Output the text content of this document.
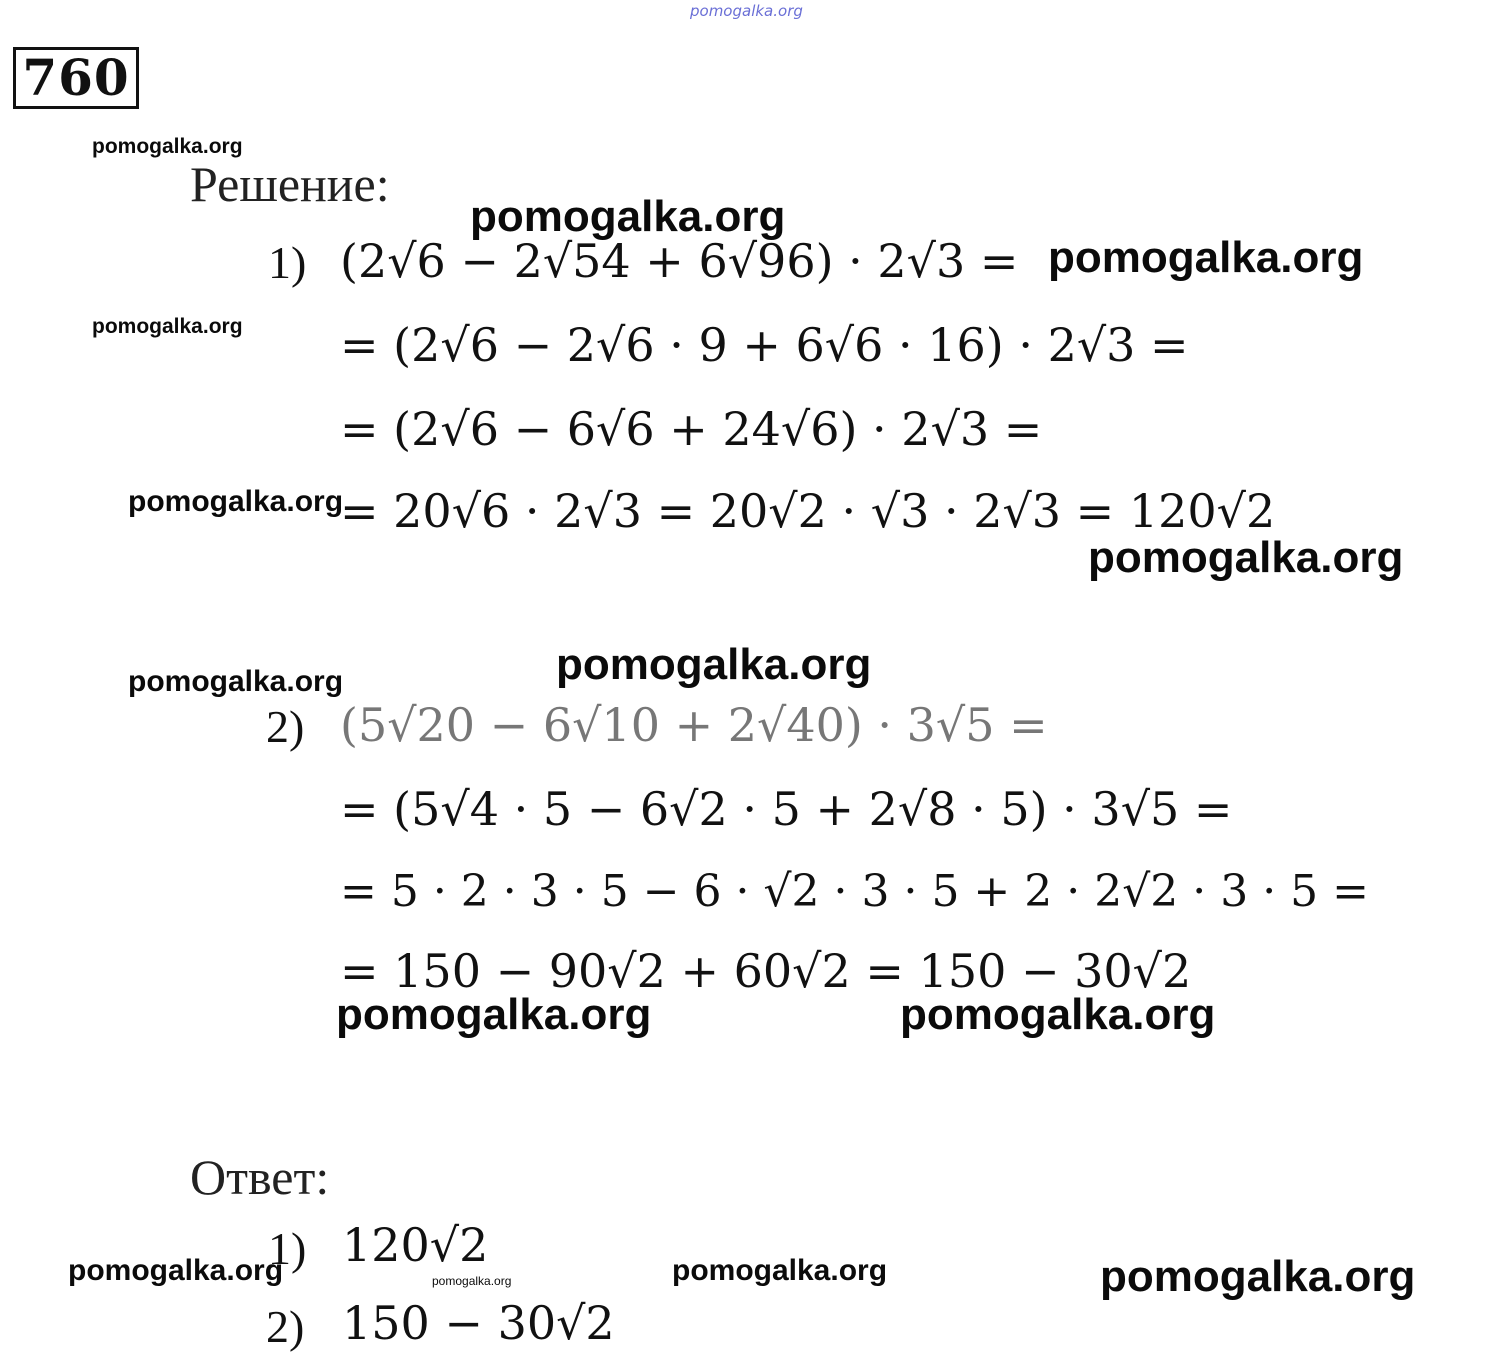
pomogalka.org
760
pomogalka.org
Решение:
pomogalka.org
1) (2√6 − 2√54 + 6√96) · 2√3 = pomogalka.org
pomogalka.org = (2√6 − 2√6 · 9 + 6√6 · 16) · 2√3 =
= (2√6 − 6√6 + 24√6) · 2√3 =
pomogalka.org
= 20√6 · 2√3 = 20√2 · √3 · 2√3 = 120√2
pomogalka.org
pomogalka.org
pomogalka.org
2) (5√20 − 6√10 + 2√40) · 3√5 =
= (5√4 · 5 − 6√2 · 5 + 2√8 · 5) · 3√5 =
= 5 · 2 · 3 · 5 − 6 · √2 · 3 · 5 + 2 · 2√2 · 3 · 5 =
= 150 − 90√2 + 60√2 = 150 − 30√2
pomogalka.org	pomogalka.org
Ответ:
1) 120√2
pomogalka.org	pomogalka.org	pomogalka.org	pomogalka.org
2) 150 − 30√2
